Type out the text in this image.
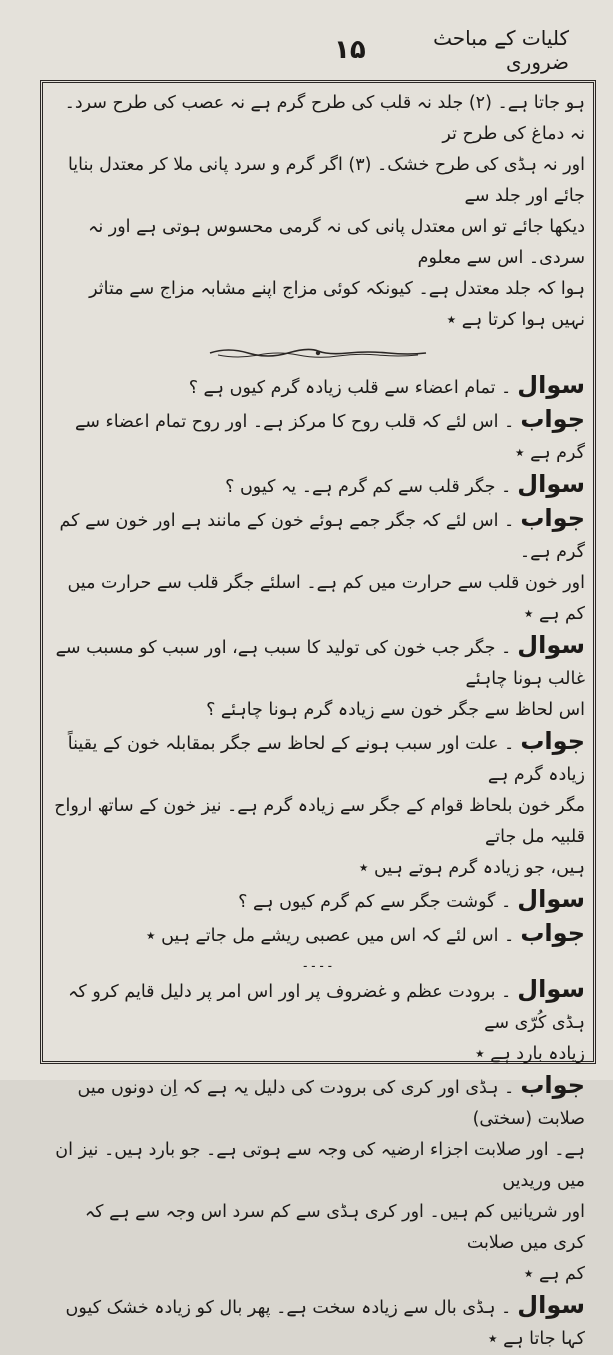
۱۵	کلیات کے مباحث ضروری

ہو جاتا ہے۔ (۲) جلد نہ قلب کی طرح گرم ہے نہ عصب کی طرح سرد۔ نہ دماغ کی طرح تر

اور نہ ہڈی کی طرح خشک۔ (۳) اگر گرم و سرد پانی ملا کر معتدل بنایا جائے اور جلد سے

دیکھا جائے تو اس معتدل پانی کی نہ گرمی محسوس ہوتی ہے اور نہ سردی۔ اس سے معلوم

ہوا کہ جلد معتدل ہے۔ کیونکہ کوئی مزاج اپنے مشابہ مزاج سے متاثر نہیں ہوا کرتا ہے ٭

سوال۔ تمام اعضاء سے قلب زیادہ گرم کیوں ہے ؟

جواب۔ اس لئے کہ قلب روح کا مرکز ہے۔ اور روح تمام اعضاء سے گرم ہے ٭

سوال۔ جگر قلب سے کم گرم ہے۔ یہ کیوں ؟

جواب۔ اس لئے کہ جگر جمے ہوئے خون کے مانند ہے اور خون سے کم گرم ہے۔

اور خون قلب سے حرارت میں کم ہے۔ اسلئے جگر قلب سے حرارت میں کم ہے ٭

سوال۔ جگر جب خون کی تولید کا سبب ہے، اور سبب کو مسبب سے غالب ہونا چاہئے

اس لحاظ سے جگر خون سے زیادہ گرم ہونا چاہئے ؟

جواب۔ علت اور سبب ہونے کے لحاظ سے جگر بمقابلہ خون کے یقیناً زیادہ گرم ہے

مگر خون بلحاظ قوام کے جگر سے زیادہ گرم ہے۔ نیز خون کے ساتھ ارواح قلبیہ مل جاتے

ہیں، جو زیادہ گرم ہوتے ہیں ٭

سوال۔ گوشت جگر سے کم گرم کیوں ہے ؟

جواب۔ اس لئے کہ اس میں عصبی ریشے مل جاتے ہیں ٭

۔۔۔۔

سوال۔ برودت عظم و غضروف پر اور اس امر پر دلیل قایم کرو کہ ہڈی کُرّی سے

زیادہ بارد ہے ٭

جواب۔ ہڈی اور کری کی برودت کی دلیل یہ ہے کہ اِن دونوں میں صلابت (سختی)

ہے۔ اور صلابت اجزاء ارضیہ کی وجہ سے ہوتی ہے۔ جو بارد ہیں۔ نیز ان میں وریدیں

اور شریانیں کم ہیں۔ اور کری ہڈی سے کم سرد اس وجہ سے ہے کہ کری میں صلابت

کم ہے ٭

سوال۔ ہڈی بال سے زیادہ سخت ہے۔ پھر بال کو زیادہ خشک کیوں کہا جاتا ہے ٭
